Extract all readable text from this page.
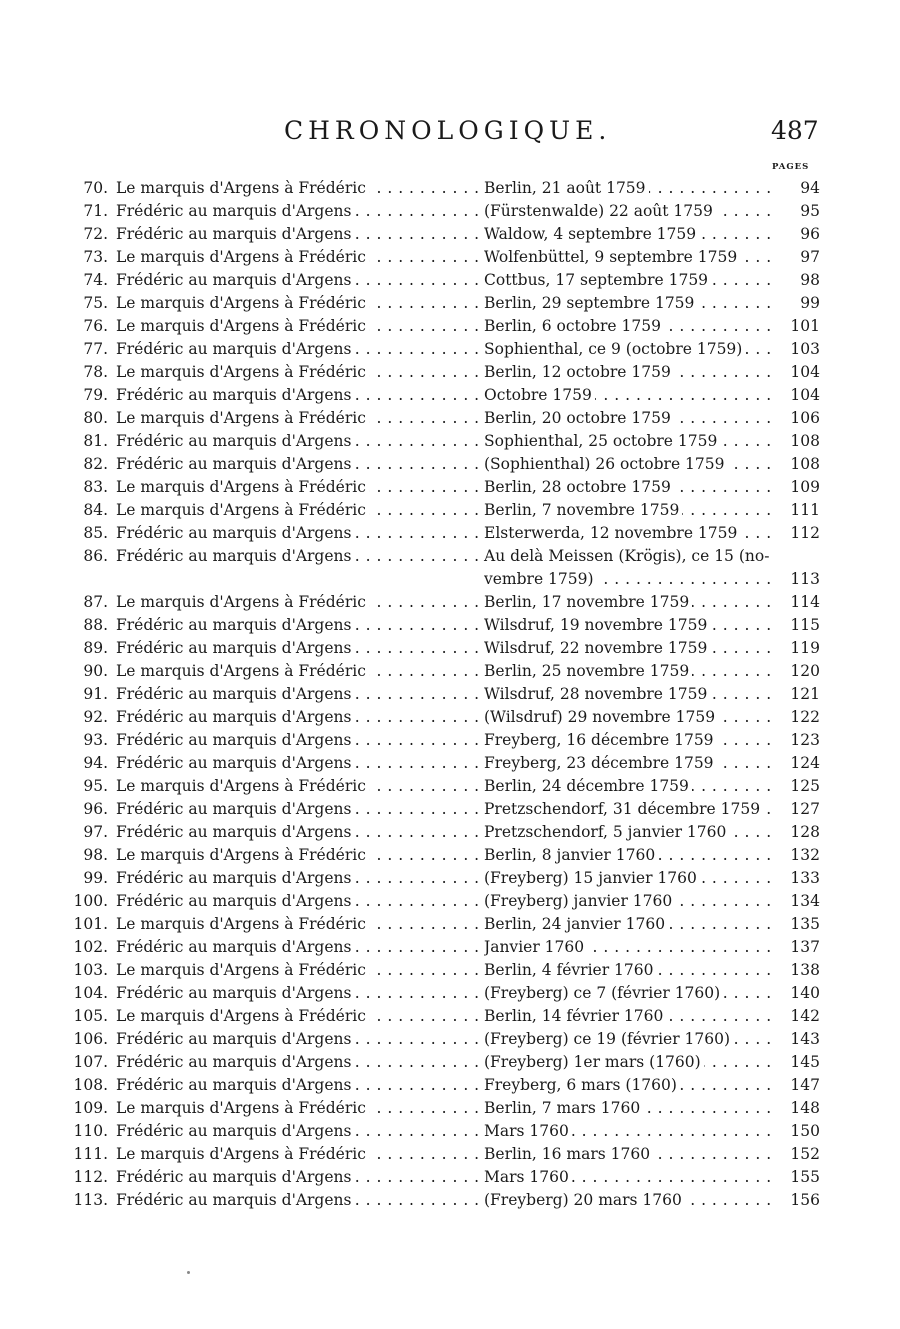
CHRONOLOGIQUE.	487
PAGES
70. Le marquis d'Argens à Frédéric . . .	Berlin, 21 août 1759 . . .	94
71. Frédéric au marquis d'Argens . . .	(Fürstenwalde) 22 août 1759 . . .	95
72. Frédéric au marquis d'Argens . . .	Waldow, 4 septembre 1759 . . .	96
73. Le marquis d'Argens à Frédéric . . .	Wolfenbüttel, 9 septembre 1759 . . .	97
74. Frédéric au marquis d'Argens . . .	Cottbus, 17 septembre 1759 . . .	98
75. Le marquis d'Argens à Frédéric . . .	Berlin, 29 septembre 1759 . . .	99
76. Le marquis d'Argens à Frédéric . . .	Berlin, 6 octobre 1759 . . .	101
77. Frédéric au marquis d'Argens . . .	Sophienthal, ce 9 (octobre 1759) . . .	103
78. Le marquis d'Argens à Frédéric . . .	Berlin, 12 octobre 1759 . . .	104
79. Frédéric au marquis d'Argens . . .	Octobre 1759 . . .	104
80. Le marquis d'Argens à Frédéric . . .	Berlin, 20 octobre 1759 . . .	106
81. Frédéric au marquis d'Argens . . .	Sophienthal, 25 octobre 1759 . . .	108
82. Frédéric au marquis d'Argens . . .	(Sophienthal) 26 octobre 1759 . . .	108
83. Le marquis d'Argens à Frédéric . . .	Berlin, 28 octobre 1759 . . .	109
84. Le marquis d'Argens à Frédéric . . .	Berlin, 7 novembre 1759 . . .	111
85. Frédéric au marquis d'Argens . . .	Elsterwerda, 12 novembre 1759 . . .	112
86. Frédéric au marquis d'Argens . . .	Au delà Meissen (Krögis), ce 15 (no-
vembre 1759) . . .	113
87. Le marquis d'Argens à Frédéric . . .	Berlin, 17 novembre 1759 . . .	114
88. Frédéric au marquis d'Argens . . .	Wilsdruf, 19 novembre 1759 . . .	115
89. Frédéric au marquis d'Argens . . .	Wilsdruf, 22 novembre 1759 . . .	119
90. Le marquis d'Argens à Frédéric . . .	Berlin, 25 novembre 1759 . . .	120
91. Frédéric au marquis d'Argens . . .	Wilsdruf, 28 novembre 1759 . . .	121
92. Frédéric au marquis d'Argens . . .	(Wilsdruf) 29 novembre 1759 . . .	122
93. Frédéric au marquis d'Argens . . .	Freyberg, 16 décembre 1759 . . .	123
94. Frédéric au marquis d'Argens . . .	Freyberg, 23 décembre 1759 . . .	124
95. Le marquis d'Argens à Frédéric . . .	Berlin, 24 décembre 1759 . . .	125
96. Frédéric au marquis d'Argens . . .	Pretzschendorf, 31 décembre 1759 . . .	127
97. Frédéric au marquis d'Argens . . .	Pretzschendorf, 5 janvier 1760 . . .	128
98. Le marquis d'Argens à Frédéric . . .	Berlin, 8 janvier 1760 . . .	132
99. Frédéric au marquis d'Argens . . .	(Freyberg) 15 janvier 1760 . . .	133
100. Frédéric au marquis d'Argens . . .	(Freyberg) janvier 1760 . . .	134
101. Le marquis d'Argens à Frédéric . . .	Berlin, 24 janvier 1760 . . .	135
102. Frédéric au marquis d'Argens . . .	Janvier 1760 . . .	137
103. Le marquis d'Argens à Frédéric . . .	Berlin, 4 février 1760 . . .	138
104. Frédéric au marquis d'Argens . . .	(Freyberg) ce 7 (février 1760) . . .	140
105. Le marquis d'Argens à Frédéric . . .	Berlin, 14 février 1760 . . .	142
106. Frédéric au marquis d'Argens . . .	(Freyberg) ce 19 (février 1760) . . .	143
107. Frédéric au marquis d'Argens . . .	(Freyberg) 1er mars (1760) . . .	145
108. Frédéric au marquis d'Argens . . .	Freyberg, 6 mars (1760) . . .	147
109. Le marquis d'Argens à Frédéric . . .	Berlin, 7 mars 1760 . . .	148
110. Frédéric au marquis d'Argens . . .	Mars 1760 . . .	150
111. Le marquis d'Argens à Frédéric . . .	Berlin, 16 mars 1760 . . .	152
112. Frédéric au marquis d'Argens . . .	Mars 1760 . . .	155
113. Frédéric au marquis d'Argens . . .	(Freyberg) 20 mars 1760 . . .	156
